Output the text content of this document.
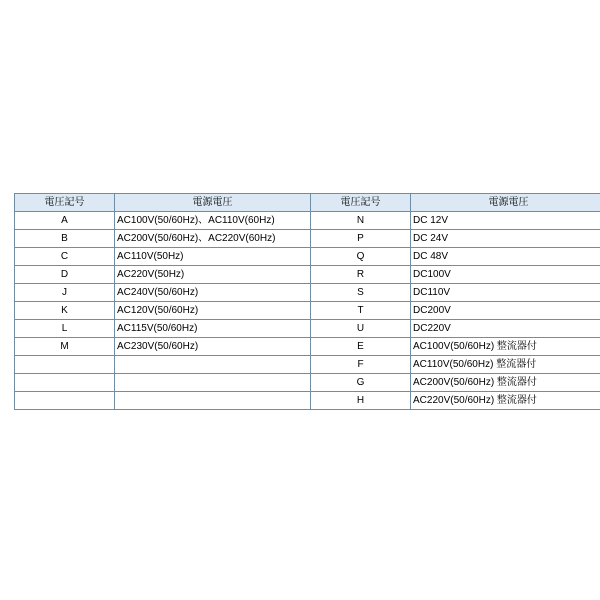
電圧記号	電源電圧	電圧記号	電源電圧
A	AC100V(50/60Hz)、AC110V(60Hz)	N	DC 12V
B	AC200V(50/60Hz)、AC220V(60Hz)	P	DC 24V
C	AC110V(50Hz)	Q	DC 48V
D	AC220V(50Hz)	R	DC100V
J	AC240V(50/60Hz)	S	DC110V
K	AC120V(50/60Hz)	T	DC200V
L	AC115V(50/60Hz)	U	DC220V
M	AC230V(50/60Hz)	E	AC100V(50/60Hz) 整流器付
		F	AC110V(50/60Hz) 整流器付
		G	AC200V(50/60Hz) 整流器付
		H	AC220V(50/60Hz) 整流器付
